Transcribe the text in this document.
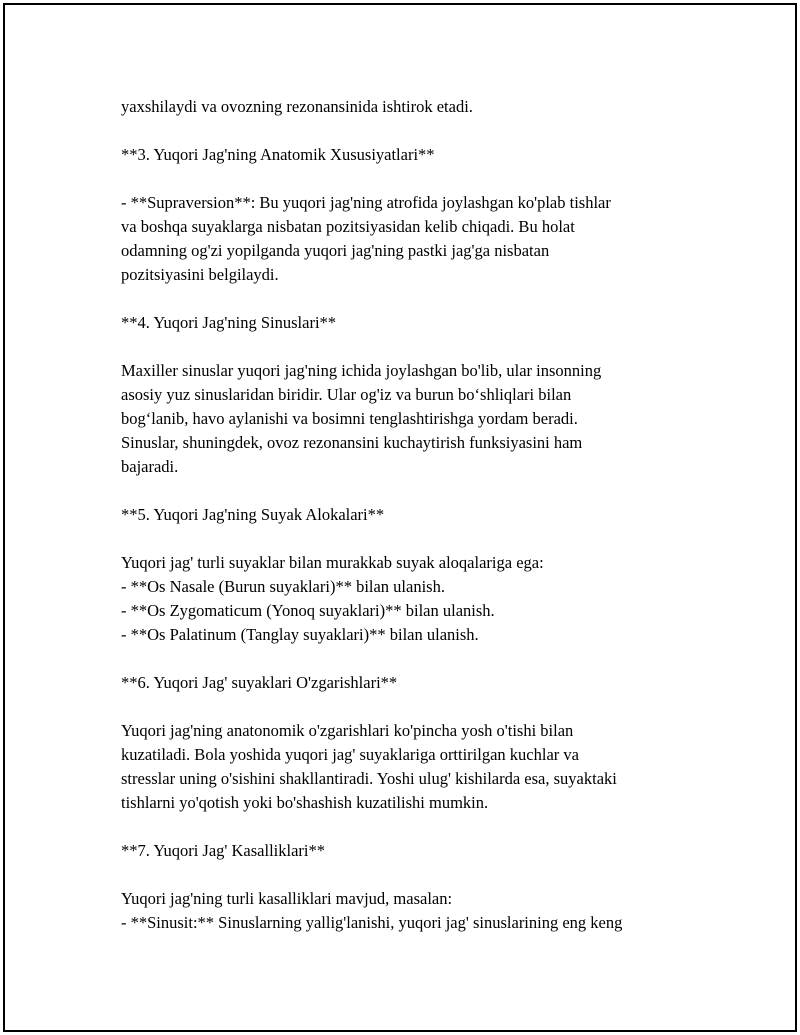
yaxshilaydi va ovozning rezonansinida ishtirok etadi.
**3. Yuqori Jag'ning Anatomik Xususiyatlari**
- **Supraversion**: Bu yuqori jag'ning atrofida joylashgan ko'plab tishlar
va boshqa suyaklarga nisbatan pozitsiyasidan kelib chiqadi. Bu holat
odamning og'zi yopilganda yuqori jag'ning pastki jag'ga nisbatan
pozitsiyasini belgilaydi.
**4. Yuqori Jag'ning Sinuslari**
Maxiller sinuslar yuqori jag'ning ichida joylashgan bo'lib, ular insonning
asosiy yuz sinuslaridan biridir. Ular og'iz va burun bo‘shliqlari bilan
bog‘lanib, havo aylanishi va bosimni tenglashtirishga yordam beradi.
Sinuslar, shuningdek, ovoz rezonansini kuchaytirish funksiyasini ham
bajaradi.
**5. Yuqori Jag'ning Suyak Alokalari**
Yuqori jag' turli suyaklar bilan murakkab suyak aloqalariga ega:
- **Os Nasale (Burun suyaklari)** bilan ulanish.
- **Os Zygomaticum (Yonoq suyaklari)** bilan ulanish.
- **Os Palatinum (Tanglay suyaklari)** bilan ulanish.
**6. Yuqori Jag' suyaklari O'zgarishlari**
Yuqori jag'ning anatonomik o'zgarishlari ko'pincha yosh o'tishi bilan
kuzatiladi. Bola yoshida yuqori jag' suyaklariga orttirilgan kuchlar va
stresslar uning o'sishini shakllantiradi. Yoshi ulug' kishilarda esa, suyaktaki
tishlarni yo'qotish yoki bo'shashish kuzatilishi mumkin.
**7. Yuqori Jag' Kasalliklari**
Yuqori jag'ning turli kasalliklari mavjud, masalan:
- **Sinusit:** Sinuslarning yallig'lanishi, yuqori jag' sinuslarining eng keng
